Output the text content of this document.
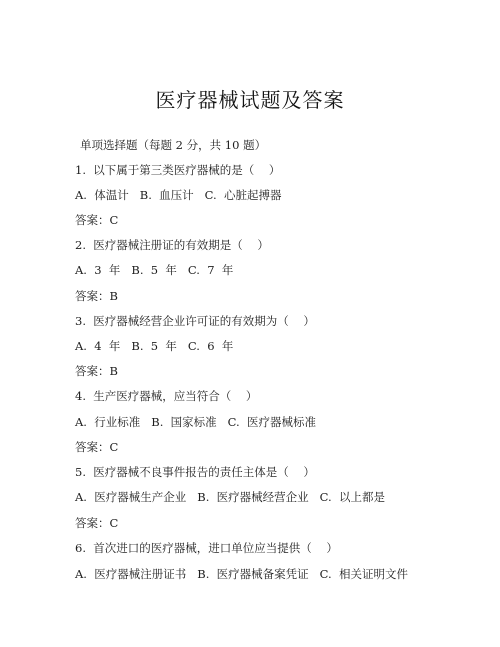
医疗器械试题及答案
单项选择题（每题 2 分，共 10 题）
1.  以下属于第三类医疗器械的是（    ）
A.  体温计   B.  血压计   C.  心脏起搏器
答案：C
2.  医疗器械注册证的有效期是（    ）
A.  3  年   B.  5  年   C.  7  年
答案：B
3.  医疗器械经营企业许可证的有效期为（    ）
A.  4  年   B.  5  年   C.  6  年
答案：B
4.  生产医疗器械，应当符合（    ）
A.  行业标准   B.  国家标准   C.  医疗器械标准
答案：C
5.  医疗器械不良事件报告的责任主体是（    ）
A.  医疗器械生产企业   B.  医疗器械经营企业   C.  以上都是
答案：C
6.  首次进口的医疗器械，进口单位应当提供（    ）
A.  医疗器械注册证书   B.  医疗器械备案凭证   C.  相关证明文件
